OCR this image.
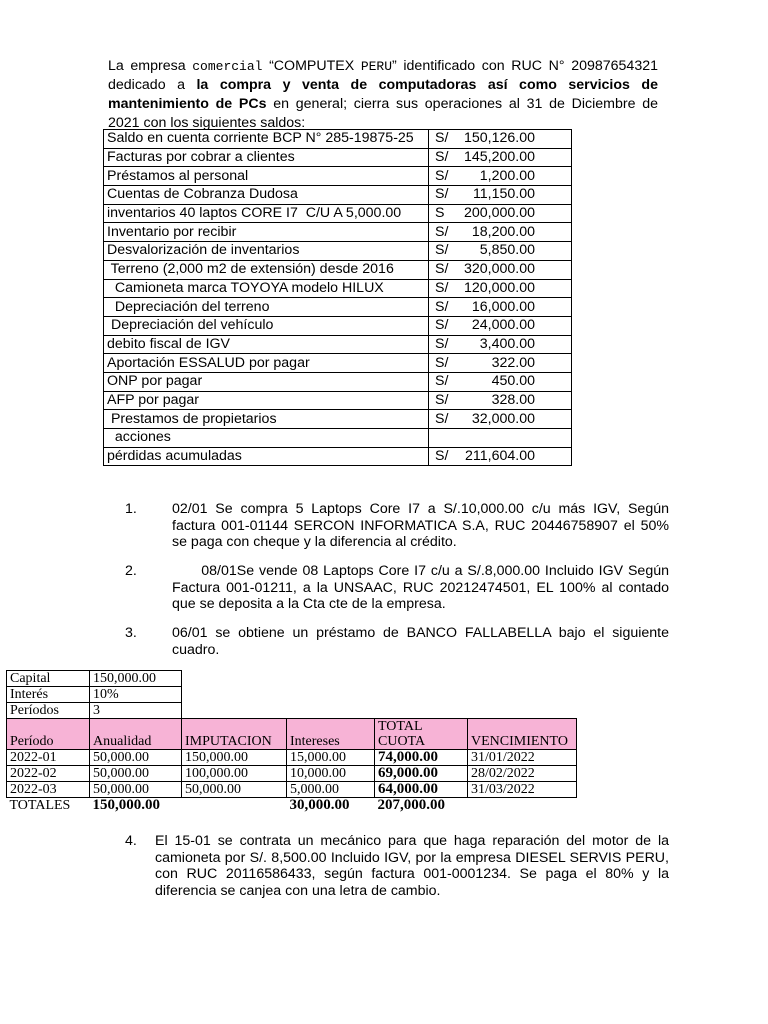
La empresa comercial “COMPUTEX PERU” identificado con RUC N° 20987654321 dedicado a la compra y venta de computadoras así como servicios de mantenimiento de PCs en general; cierra sus operaciones al 31 de Diciembre de 2021 con los siguientes saldos:
Saldo en cuenta corriente BCP N° 285-19875-25	S/ 150,126.00

Facturas por cobrar a clientes	S/ 145,200.00

Préstamos al personal	S/ 1,200.00

Cuentas de Cobranza Dudosa	S/ 11,150.00

inventarios 40 laptos CORE I7  C/U A 5,000.00	S 200,000.00

Inventario por recibir	S/ 18,200.00

Desvalorización de inventarios	S/ 5,850.00

Terreno (2,000 m2 de extensión) desde 2016	S/ 320,000.00

Camioneta marca TOYOYA modelo HILUX	S/ 120,000.00

Depreciación del terreno	S/ 16,000.00

Depreciación del vehículo	S/ 24,000.00

debito fiscal de IGV	S/ 3,400.00

Aportación ESSALUD por pagar	S/ 322.00

ONP por pagar	S/ 450.00

AFP por pagar	S/ 328.00

Prestamos de propietarios	S/ 32,000.00

acciones	

pérdidas acumuladas	S/ 211,604.00
1. 02/01 Se compra 5 Laptops Core I7 a S/.10,000.00 c/u más IGV, Según factura 001-01144 SERCON INFORMATICA S.A, RUC 20446758907 el 50% se paga con cheque y la diferencia al crédito.
2. 08/01Se vende 08 Laptops Core I7 c/u a S/.8,000.00 Incluido IGV Según Factura 001-01211, a la UNSAAC, RUC 20212474501, EL 100% al contado que se deposita a la Cta cte de la empresa.
3. 06/01 se obtiene un préstamo de BANCO FALLABELLA bajo el siguiente cuadro.
4. El 15-01 se contrata un mecánico para que haga reparación del motor de la camioneta por S/. 8,500.00 Incluido IGV, por la empresa DIESEL SERVIS PERU, con RUC 20116586433, según factura 001-0001234. Se paga el 80% y la diferencia se canjea con una letra de cambio.
Capital	150,000.00				
Interés	10%				
Períodos	3				
Período	Anualidad	IMPUTACION	Intereses	TOTAL CUOTA	VENCIMIENTO
2022-01	50,000.00	150,000.00	15,000.00	74,000.00	31/01/2022
2022-02	50,000.00	100,000.00	10,000.00	69,000.00	28/02/2022
2022-03	50,000.00	50,000.00	5,000.00	64,000.00	31/03/2022
TOTALES	150,000.00		30,000.00	207,000.00	
